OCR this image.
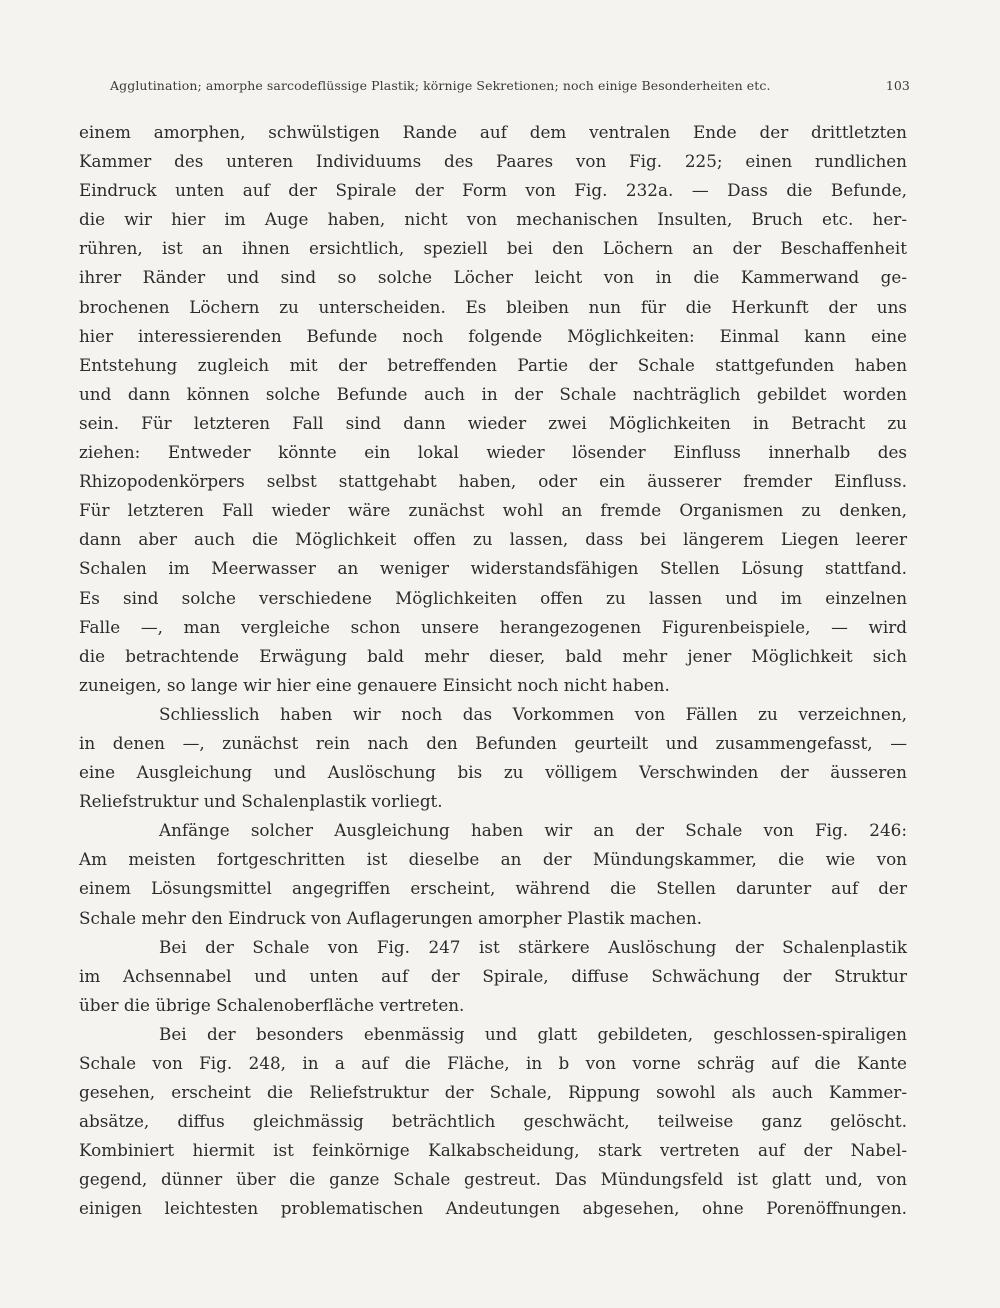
Agglutination; amorphe sarcodeflüssige Plastik; körnige Sekretionen; noch einige Besonderheiten etc.	103
einem amorphen, schwülstigen Rande auf dem ventralen Ende der drittletzten
Kammer des unteren Individuums des Paares von Fig. 225; einen rundlichen
Eindruck unten auf der Spirale der Form von Fig. 232a. — Dass die Befunde,
die wir hier im Auge haben, nicht von mechanischen Insulten, Bruch etc. her-
rühren, ist an ihnen ersichtlich, speziell bei den Löchern an der Beschaffenheit
ihrer Ränder und sind so solche Löcher leicht von in die Kammerwand ge-
brochenen Löchern zu unterscheiden. Es bleiben nun für die Herkunft der uns
hier interessierenden Befunde noch folgende Möglichkeiten: Einmal kann eine
Entstehung zugleich mit der betreffenden Partie der Schale stattgefunden haben
und dann können solche Befunde auch in der Schale nachträglich gebildet worden
sein. Für letzteren Fall sind dann wieder zwei Möglichkeiten in Betracht zu
ziehen: Entweder könnte ein lokal wieder lösender Einfluss innerhalb des
Rhizopodenkörpers selbst stattgehabt haben, oder ein äusserer fremder Einfluss.
Für letzteren Fall wieder wäre zunächst wohl an fremde Organismen zu denken,
dann aber auch die Möglichkeit offen zu lassen, dass bei längerem Liegen leerer
Schalen im Meerwasser an weniger widerstandsfähigen Stellen Lösung stattfand.
Es sind solche verschiedene Möglichkeiten offen zu lassen und im einzelnen
Falle —, man vergleiche schon unsere herangezogenen Figurenbeispiele, — wird
die betrachtende Erwägung bald mehr dieser, bald mehr jener Möglichkeit sich
zuneigen, so lange wir hier eine genauere Einsicht noch nicht haben.
Schliesslich haben wir noch das Vorkommen von Fällen zu verzeichnen,
in denen —, zunächst rein nach den Befunden geurteilt und zusammengefasst, —
eine Ausgleichung und Auslöschung bis zu völligem Verschwinden der äusseren
Reliefstruktur und Schalenplastik vorliegt.
Anfänge solcher Ausgleichung haben wir an der Schale von Fig. 246:
Am meisten fortgeschritten ist dieselbe an der Mündungskammer, die wie von
einem Lösungsmittel angegriffen erscheint, während die Stellen darunter auf der
Schale mehr den Eindruck von Auflagerungen amorpher Plastik machen.
Bei der Schale von Fig. 247 ist stärkere Auslöschung der Schalenplastik
im Achsennabel und unten auf der Spirale, diffuse Schwächung der Struktur
über die übrige Schalenoberfläche vertreten.
Bei der besonders ebenmässig und glatt gebildeten, geschlossen-spiraligen
Schale von Fig. 248, in a auf die Fläche, in b von vorne schräg auf die Kante
gesehen, erscheint die Reliefstruktur der Schale, Rippung sowohl als auch Kammer-
absätze, diffus gleichmässig beträchtlich geschwächt, teilweise ganz gelöscht.
Kombiniert hiermit ist feinkörnige Kalkabscheidung, stark vertreten auf der Nabel-
gegend, dünner über die ganze Schale gestreut. Das Mündungsfeld ist glatt und, von
einigen leichtesten problematischen Andeutungen abgesehen, ohne Porenöffnungen.
